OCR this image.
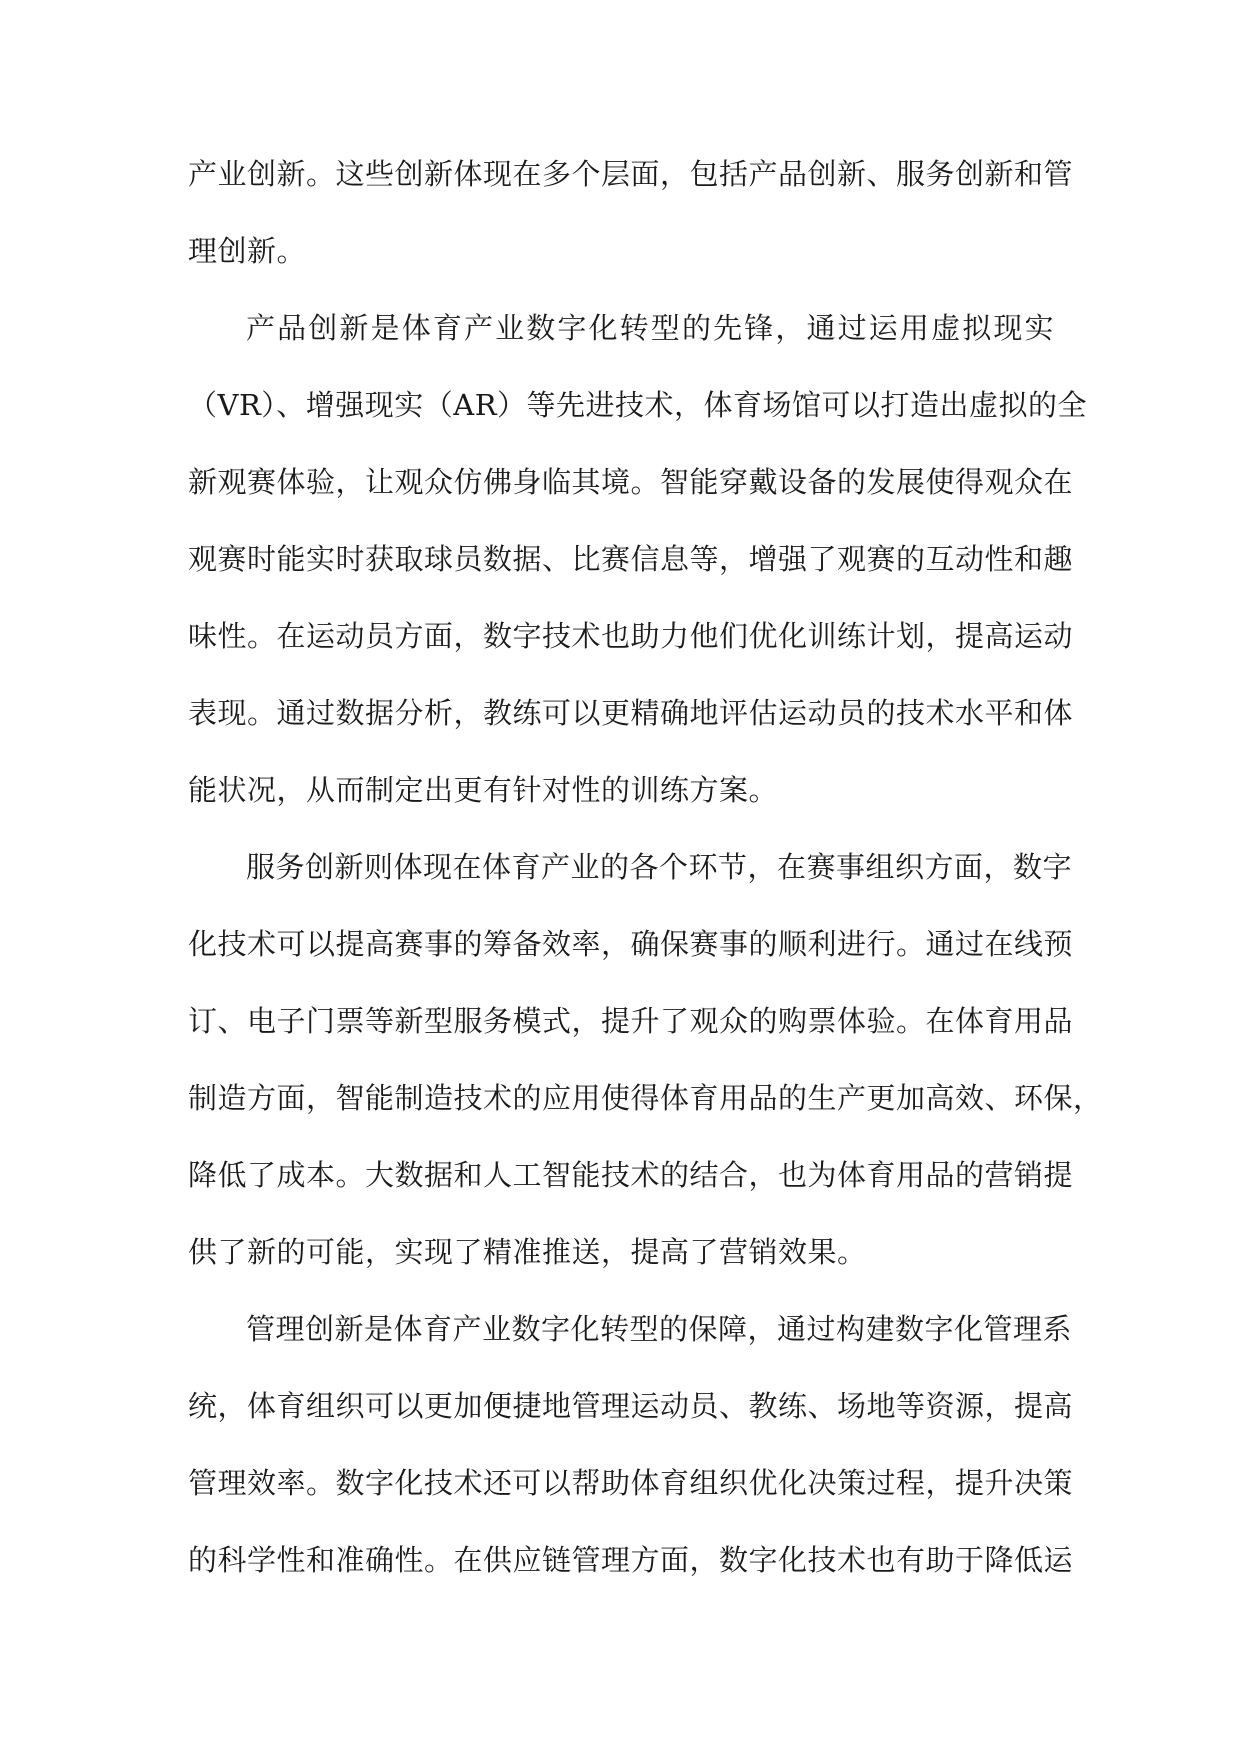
产业创新。这些创新体现在多个层面，包括产品创新、服务创新和管
理创新。
产品创新是体育产业数字化转型的先锋，通过运用虚拟现实
（VR）、增强现实（AR）等先进技术，体育场馆可以打造出虚拟的全
新观赛体验，让观众仿佛身临其境。智能穿戴设备的发展使得观众在
观赛时能实时获取球员数据、比赛信息等，增强了观赛的互动性和趣
味性。在运动员方面，数字技术也助力他们优化训练计划，提高运动
表现。通过数据分析，教练可以更精确地评估运动员的技术水平和体
能状况，从而制定出更有针对性的训练方案。
服务创新则体现在体育产业的各个环节，在赛事组织方面，数字
化技术可以提高赛事的筹备效率，确保赛事的顺利进行。通过在线预
订、电子门票等新型服务模式，提升了观众的购票体验。在体育用品
制造方面，智能制造技术的应用使得体育用品的生产更加高效、环保，
降低了成本。大数据和人工智能技术的结合，也为体育用品的营销提
供了新的可能，实现了精准推送，提高了营销效果。
管理创新是体育产业数字化转型的保障，通过构建数字化管理系
统，体育组织可以更加便捷地管理运动员、教练、场地等资源，提高
管理效率。数字化技术还可以帮助体育组织优化决策过程，提升决策
的科学性和准确性。在供应链管理方面，数字化技术也有助于降低运
